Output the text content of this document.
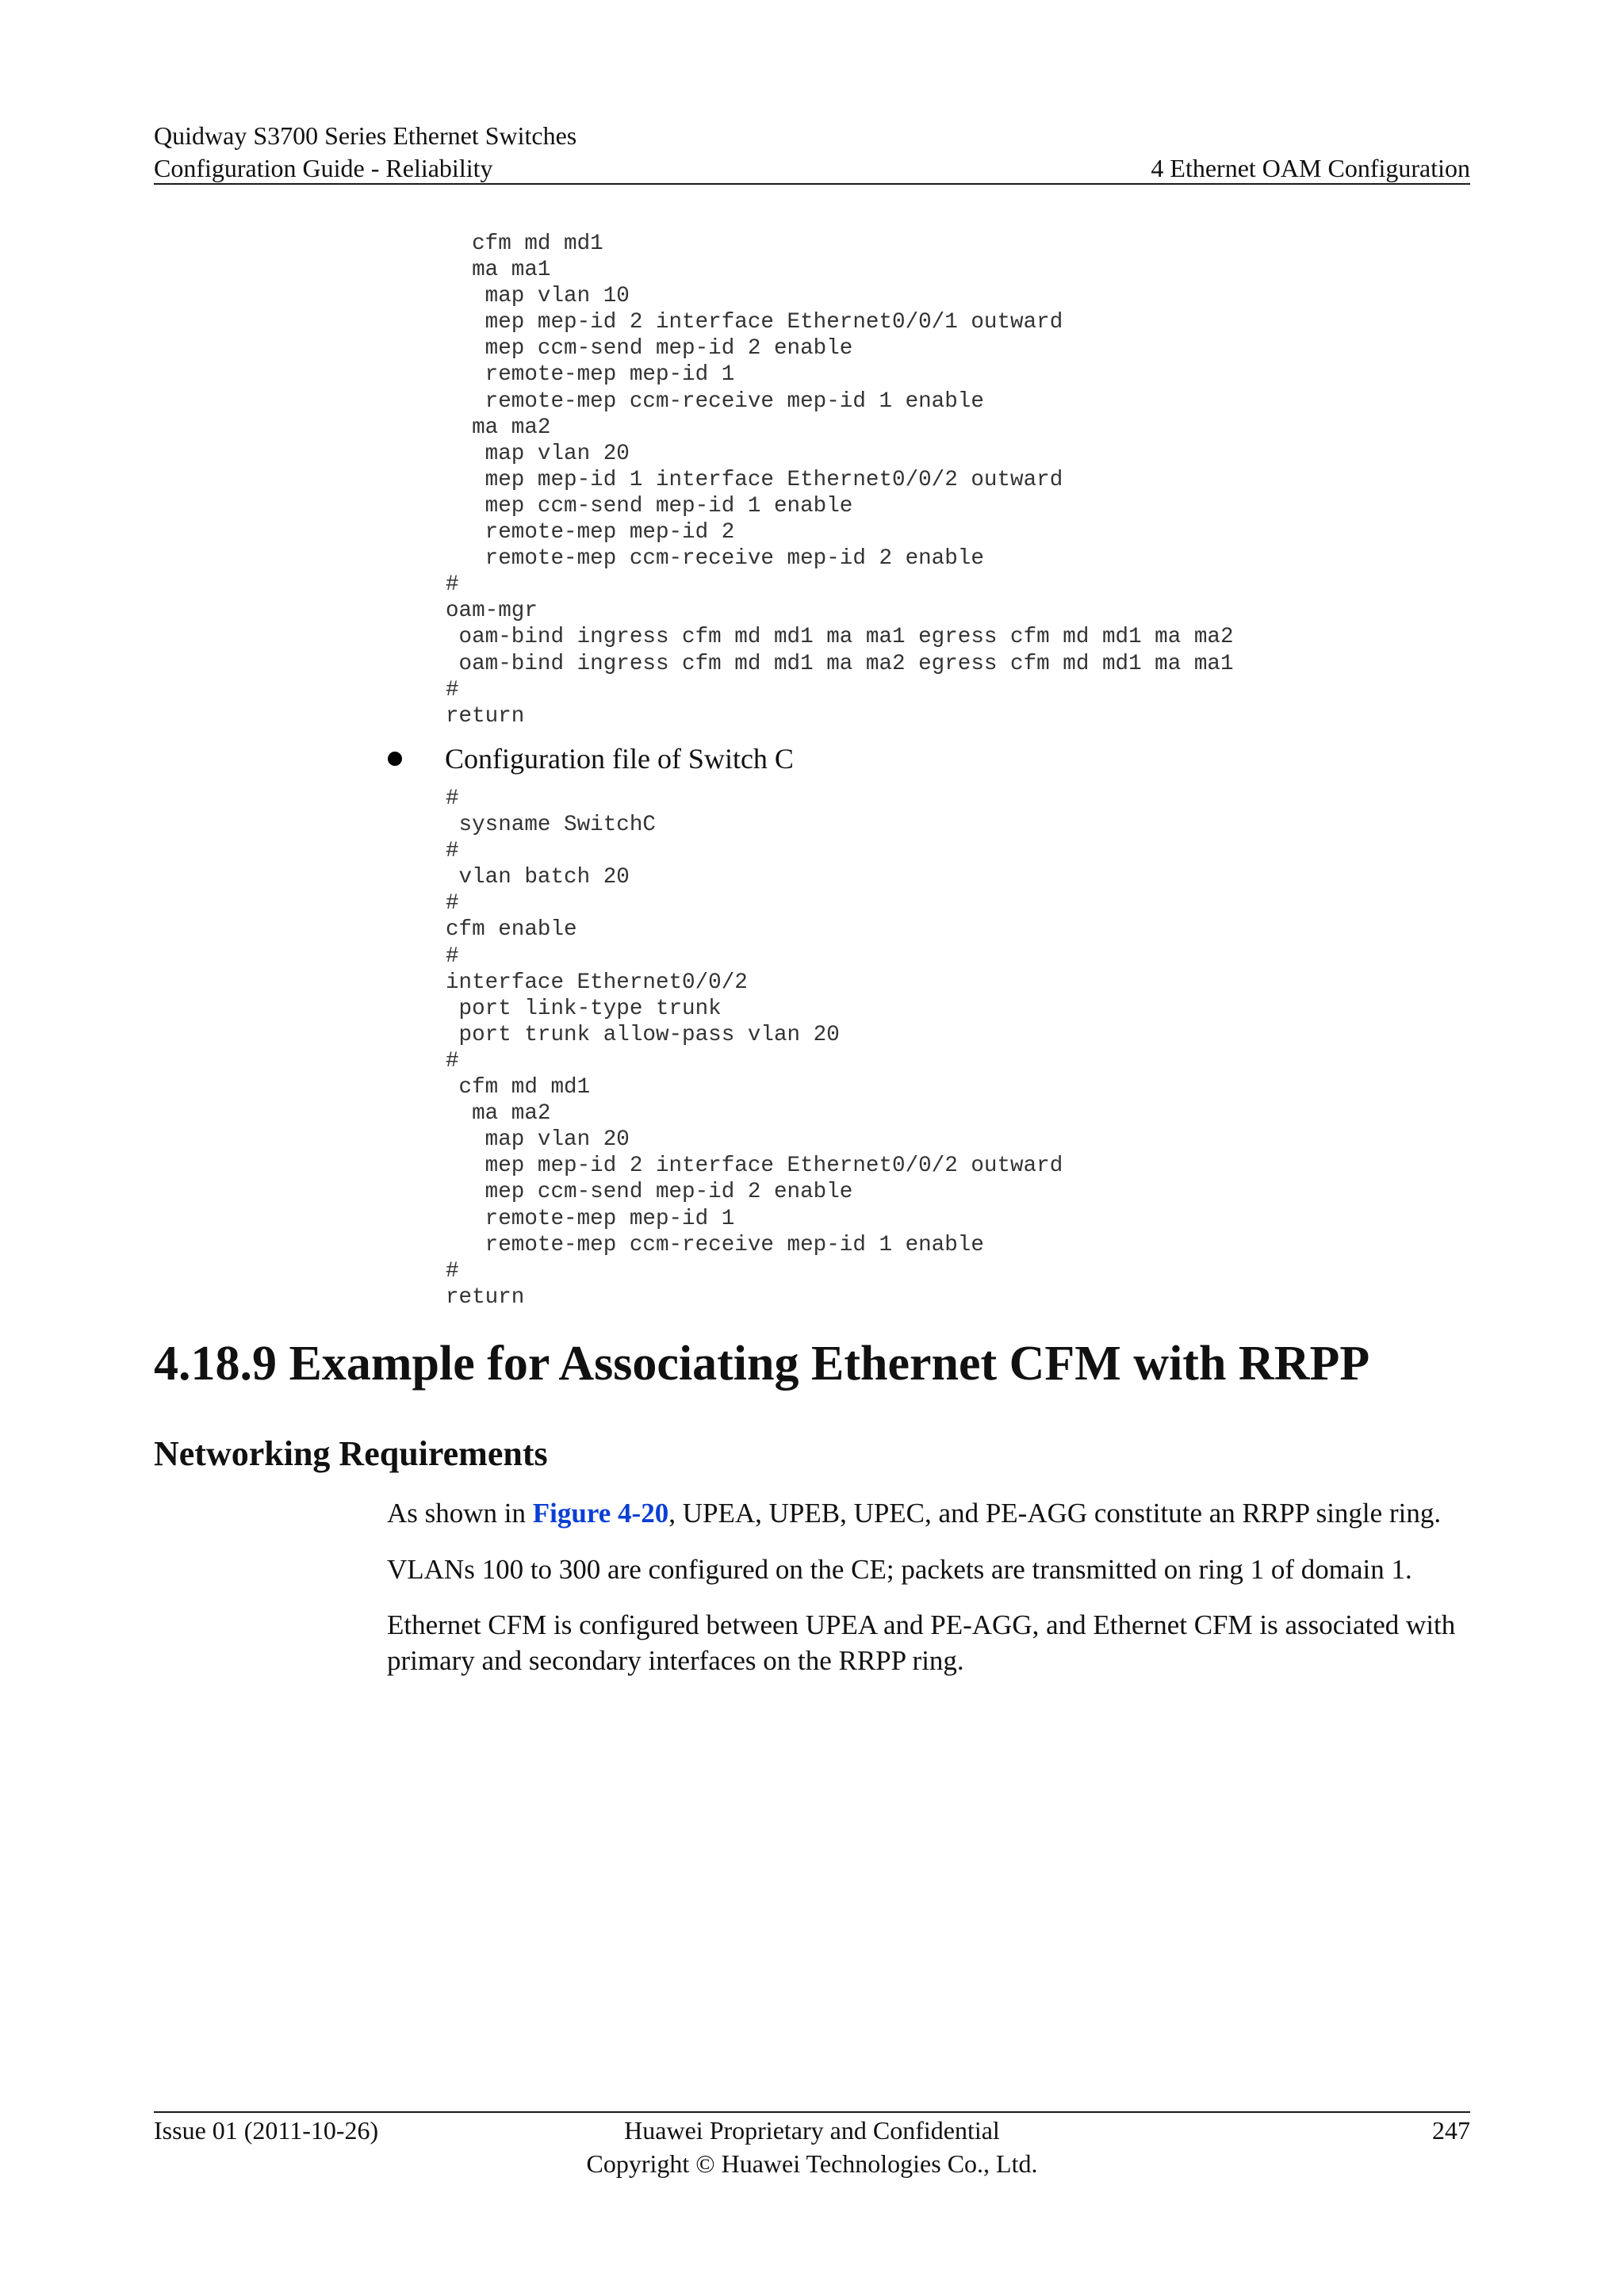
Quidway S3700 Series Ethernet Switches
Configuration Guide - Reliability	4 Ethernet OAM Configuration
cfm md md1
ma ma1
map vlan 10
mep mep-id 2 interface Ethernet0/0/1 outward
mep ccm-send mep-id 2 enable
remote-mep mep-id 1
remote-mep ccm-receive mep-id 1 enable
ma ma2
map vlan 20
mep mep-id 1 interface Ethernet0/0/2 outward
mep ccm-send mep-id 1 enable
remote-mep mep-id 2
remote-mep ccm-receive mep-id 2 enable
#
oam-mgr
oam-bind ingress cfm md md1 ma ma1 egress cfm md md1 ma ma2
oam-bind ingress cfm md md1 ma ma2 egress cfm md md1 ma ma1
#
return
Configuration file of Switch C
#
sysname SwitchC
#
vlan batch 20
#
cfm enable
#
interface Ethernet0/0/2
port link-type trunk
port trunk allow-pass vlan 20
#
cfm md md1
ma ma2
map vlan 20
mep mep-id 2 interface Ethernet0/0/2 outward
mep ccm-send mep-id 2 enable
remote-mep mep-id 1
remote-mep ccm-receive mep-id 1 enable
#
return
4.18.9 Example for Associating Ethernet CFM with RRPP
Networking Requirements
As shown in Figure 4-20, UPEA, UPEB, UPEC, and PE-AGG constitute an RRPP single ring.
VLANs 100 to 300 are configured on the CE; packets are transmitted on ring 1 of domain 1.
Ethernet CFM is configured between UPEA and PE-AGG, and Ethernet CFM is associated with primary and secondary interfaces on the RRPP ring.
Issue 01 (2011-10-26)	Huawei Proprietary and Confidential
Copyright © Huawei Technologies Co., Ltd.
247
